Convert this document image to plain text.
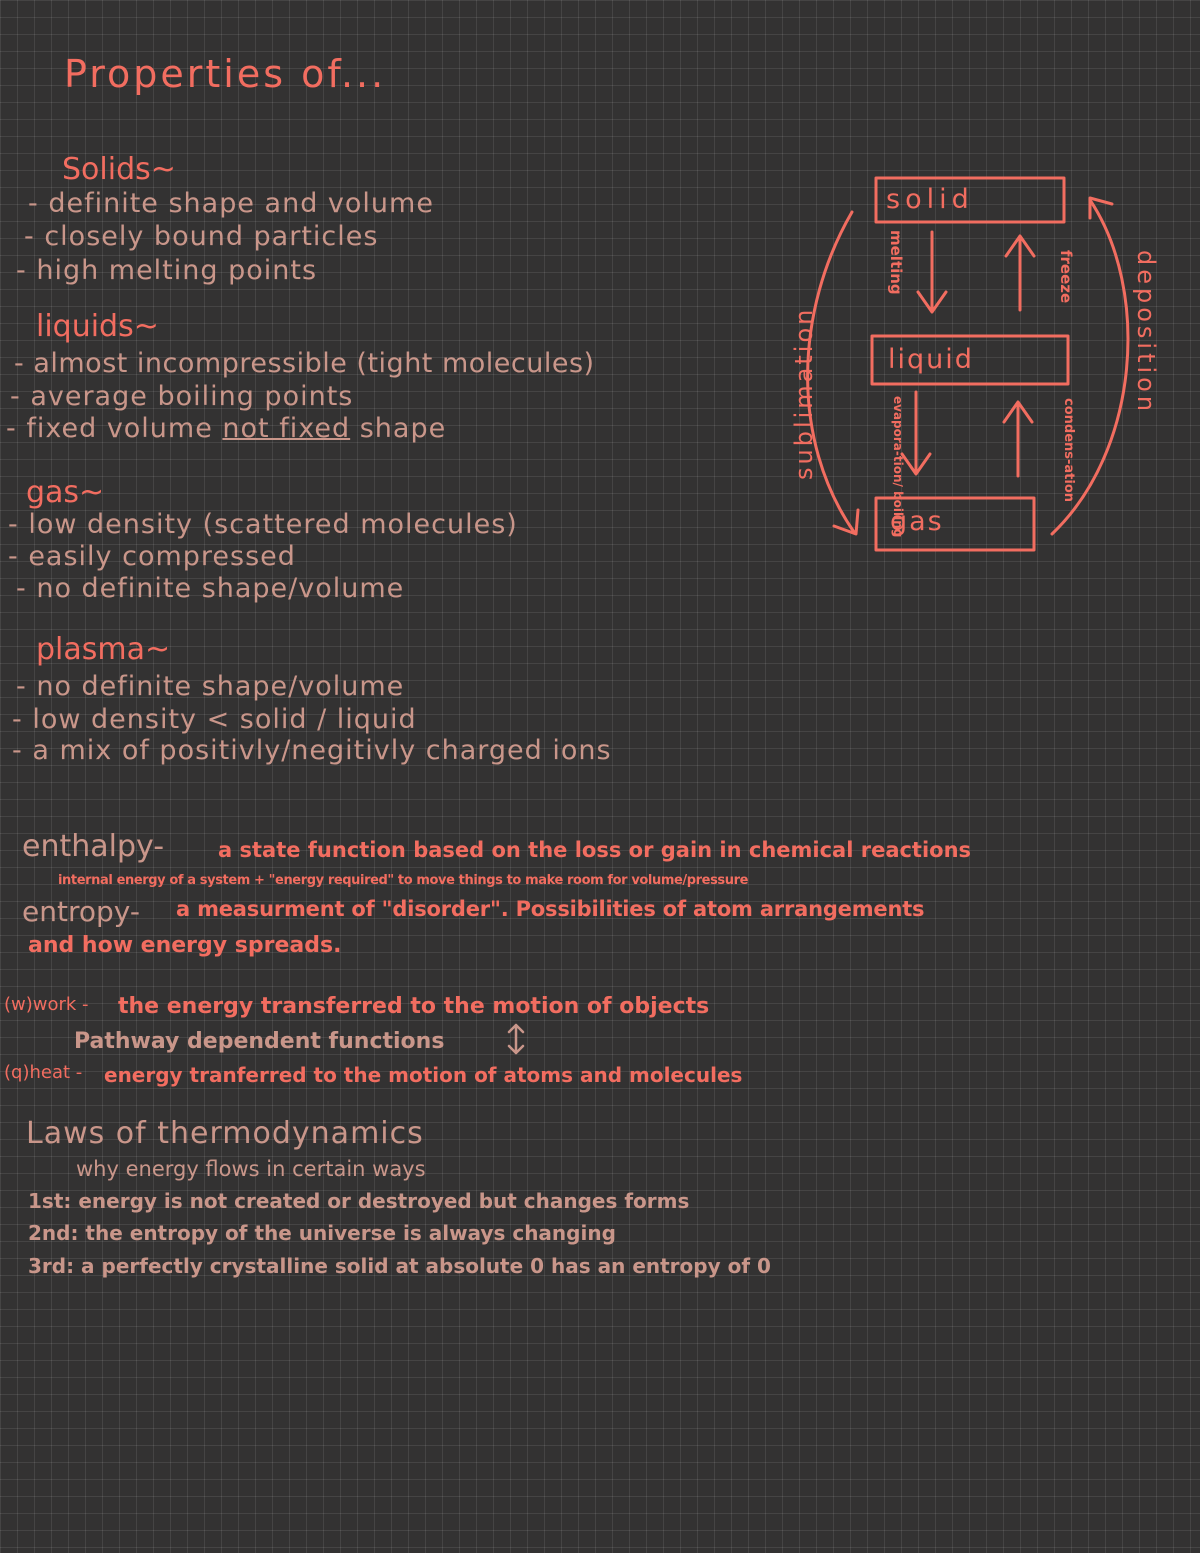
Properties of...

Solids~

- definite shape and volume

- closely bound particles

- high melting points

liquids~

- almost incompressible (tight molecules)

- average boiling points

- fixed volume not fixed shape

gas~

- low density (scattered molecules)

- easily compressed

- no definite shape/volume

plasma~

- no definite shape/volume

- low density < solid / liquid

- a mix of positivly/negitivly charged ions

solid

liquid

gas

melting	freeze
evapora-tion/ boiling	condens-ation
sublimation	deposition

enthalpy-	a state function based on the loss or gain in chemical reactions

internal energy of a system + "energy required" to move things to make room for volume/pressure

entropy- a measurment of "disorder". Possibilities of atom arrangements

and how energy spreads.

(w)work - the energy transferred to the motion of objects

Pathway dependent functions

(q)heat - energy tranferred to the motion of atoms and molecules

Laws of thermodynamics

why energy flows in certain ways

1st: energy is not created or destroyed but changes forms

2nd: the entropy of the universe is always changing

3rd: a perfectly crystalline solid at absolute 0 has an entropy of 0
